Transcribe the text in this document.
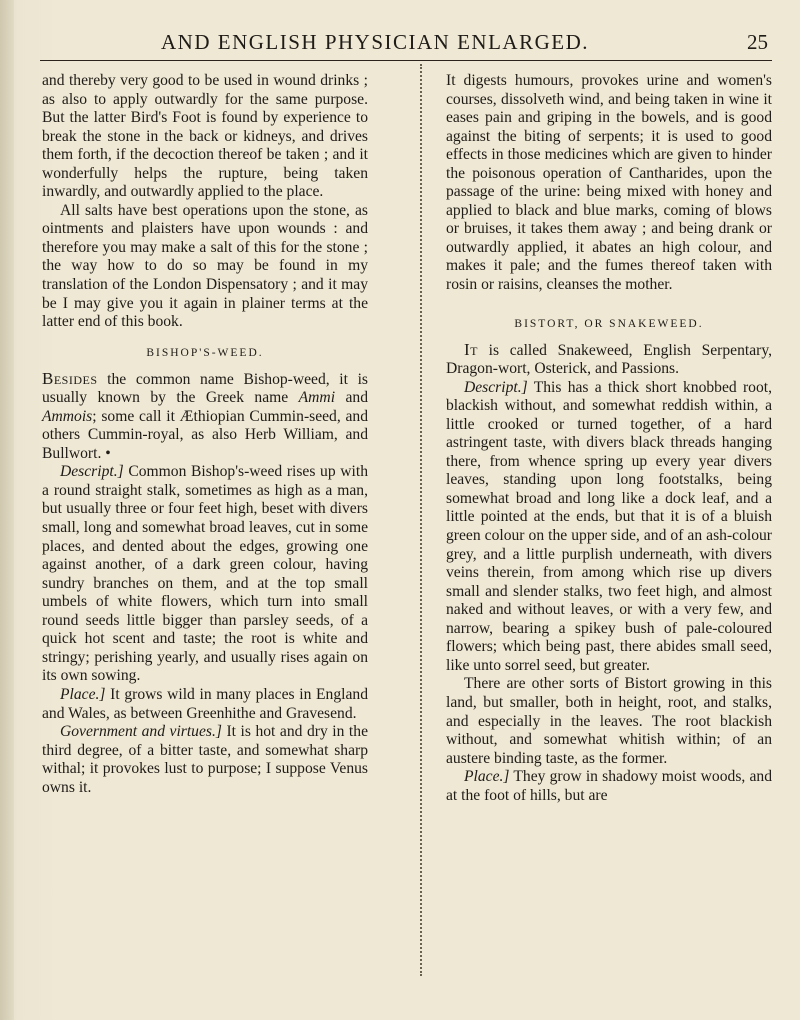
AND ENGLISH PHYSICIAN ENLARGED.	25

and thereby very good to be used in wound drinks ; as also to apply outwardly for the same purpose. But the latter Bird's Foot is found by experience to break the stone in the back or kidneys, and drives them forth, if the decoction thereof be taken ; and it wonderfully helps the rupture, being taken inwardly, and outwardly applied to the place.

All salts have best operations upon the stone, as ointments and plaisters have upon wounds : and therefore you may make a salt of this for the stone ; the way how to do so may be found in my translation of the London Dispensatory ; and it may be I may give you it again in plainer terms at the latter end of this book.

BISHOP'S-WEED.

Besides the common name Bishop-weed, it is usually known by the Greek name Ammi and Ammois; some call it Æthiopian Cummin-seed, and others Cummin-royal, as also Herb William, and Bullwort. •

Descript.] Common Bishop's-weed rises up with a round straight stalk, sometimes as high as a man, but usually three or four feet high, beset with divers small, long and somewhat broad leaves, cut in some places, and dented about the edges, growing one against another, of a dark green colour, having sundry branches on them, and at the top small umbels of white flowers, which turn into small round seeds little bigger than parsley seeds, of a quick hot scent and taste; the root is white and stringy; perishing yearly, and usually rises again on its own sowing.

Place.] It grows wild in many places in England and Wales, as between Greenhithe and Gravesend.

Government and virtues.] It is hot and dry in the third degree, of a bitter taste, and somewhat sharp withal; it provokes lust to purpose; I suppose Venus owns it.

It digests humours, provokes urine and women's courses, dissolveth wind, and being taken in wine it eases pain and griping in the bowels, and is good against the biting of serpents; it is used to good effects in those medicines which are given to hinder the poisonous operation of Cantharides, upon the passage of the urine: being mixed with honey and applied to black and blue marks, coming of blows or bruises, it takes them away ; and being drank or outwardly applied, it abates an high colour, and makes it pale; and the fumes thereof taken with rosin or raisins, cleanses the mother.

BISTORT, OR SNAKEWEED.

It is called Snakeweed, English Serpentary, Dragon-wort, Osterick, and Passions.

Descript.] This has a thick short knobbed root, blackish without, and somewhat reddish within, a little crooked or turned together, of a hard astringent taste, with divers black threads hanging there, from whence spring up every year divers leaves, standing upon long footstalks, being somewhat broad and long like a dock leaf, and a little pointed at the ends, but that it is of a bluish green colour on the upper side, and of an ash-colour grey, and a little purplish underneath, with divers veins therein, from among which rise up divers small and slender stalks, two feet high, and almost naked and without leaves, or with a very few, and narrow, bearing a spikey bush of pale-coloured flowers; which being past, there abides small seed, like unto sorrel seed, but greater.

There are other sorts of Bistort growing in this land, but smaller, both in height, root, and stalks, and especially in the leaves. The root blackish without, and somewhat whitish within; of an austere binding taste, as the former.

Place.] They grow in shadowy moist woods, and at the foot of hills, but are
